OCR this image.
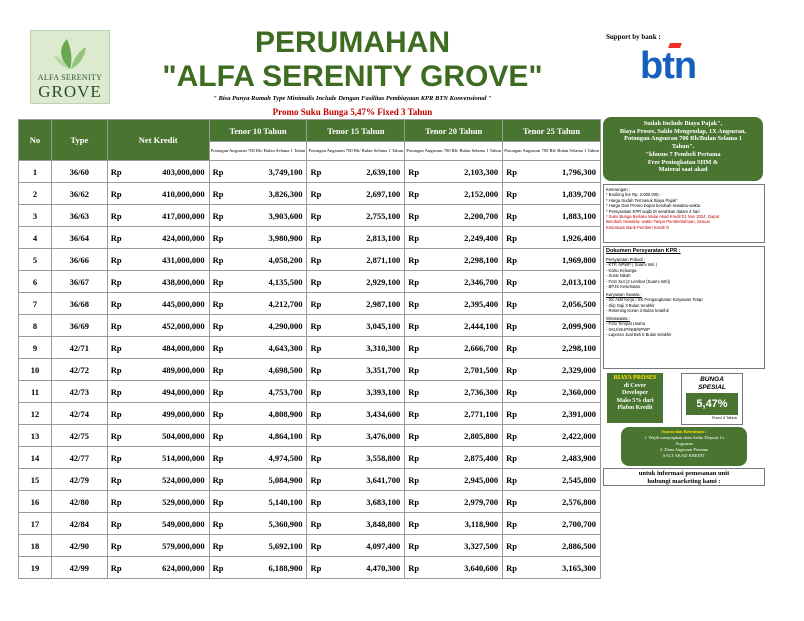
ALFA SERENITY
GROVE
PERUMAHAN
"ALFA SERENITY GROVE"
" Bisa Punya Rumah Type Minimalis Include Dengan Fasilitas Pembiayaan KPR BTN Konvensional "
Promo Suku Bunga 5,47% Fixed 3 Tahun
Support by bank :
btn
No	Type	Net Kredit		Tenor 10 Tahun		Tenor 15 Tahun		Tenor 20 Tahun		Tenor 25 Tahun	
				Potongan Angsuran 700 Rb/ Bulan Selama 1 Tahun		Potongan Angsuran 700 Rb/ Bulan Selama 1 Tahun		Potongan Angsuran 700 Rb/ Bulan Selama 1 Tahun		Potongan Angsuran 700 Rb/ Bulan Selama 1 Tahun	
1	36/60	Rp	403,000,000	Rp	3,749,100	Rp	2,639,100	Rp	2,103,300	Rp	1,796,300
2	36/62	Rp	410,000,000	Rp	3,826,300	Rp	2,697,100	Rp	2,152,000	Rp	1,839,700
3	36/63	Rp	417,000,000	Rp	3,903,600	Rp	2,755,100	Rp	2,200,700	Rp	1,883,100
4	36/64	Rp	424,000,000	Rp	3,980,900	Rp	2,813,100	Rp	2,249,400	Rp	1,926,400
5	36/66	Rp	431,000,000	Rp	4,058,200	Rp	2,871,100	Rp	2,298,100	Rp	1,969,800
6	36/67	Rp	438,000,000	Rp	4,135,500	Rp	2,929,100	Rp	2,346,700	Rp	2,013,100
7	36/68	Rp	445,000,000	Rp	4,212,700	Rp	2,987,100	Rp	2,395,400	Rp	2,056,500
8	36/69	Rp	452,000,000	Rp	4,290,000	Rp	3,045,100	Rp	2,444,100	Rp	2,099,900
9	42/71	Rp	484,000,000	Rp	4,643,300	Rp	3,310,300	Rp	2,666,700	Rp	2,298,100
10	42/72	Rp	489,000,000	Rp	4,698,500	Rp	3,351,700	Rp	2,701,500	Rp	2,329,000
11	42/73	Rp	494,000,000	Rp	4,753,700	Rp	3,393,100	Rp	2,736,300	Rp	2,360,000
12	42/74	Rp	499,000,000	Rp	4,808,900	Rp	3,434,600	Rp	2,771,100	Rp	2,391,000
13	42/75	Rp	504,000,000	Rp	4,864,100	Rp	3,476,000	Rp	2,805,800	Rp	2,422,000
14	42/77	Rp	514,000,000	Rp	4,974,500	Rp	3,558,800	Rp	2,875,400	Rp	2,483,900
15	42/79	Rp	524,000,000	Rp	5,084,900	Rp	3,641,700	Rp	2,945,000	Rp	2,545,800
16	42/80	Rp	529,000,000	Rp	5,140,100	Rp	3,683,100	Rp	2,979,700	Rp	2,576,800
17	42/84	Rp	549,000,000	Rp	5,360,900	Rp	3,848,800	Rp	3,118,900	Rp	2,700,700
18	42/90	Rp	579,000,000	Rp	5,692,100	Rp	4,097,400	Rp	3,327,500	Rp	2,886,500
19	42/99	Rp	624,000,000	Rp	6,188,900	Rp	4,470,300	Rp	3,640,600	Rp	3,165,300
Sudah Include Biaya Pajak",
Biaya Proses, Saldo Mengendap, 1X Angsuran,
Potongan Angsuran 700 Rb/Bulan Selama 1
Tahun".
"khusus 7 Pembeli Pertama
Free Peningkatan SHM &
Materai saat akad
Keterangan :
* Booking fee Rp. 2.000.000,-
* Harga Sudah Termasuk Biaya Pajak"
* Harga Dan Promo Dapat berubah sewaktu-waktu
* Persyaratan KPR wajib Di serahkan dalam 4 hari
* Suku Bunga Berlaku Mulai Akad Kredit 01 Nov 2024, Dapat
Berubah Sewaktu- waktu Tanpa Pemberitahuan, Sesuai
Ketentuan Bank Pemberi Kredit !!!
Dokumen Persyaratan KPR :
Persyaratan Pribadi :
- KTP, NPWP ( Suami Istri )
- Kartu Keluarga
- Surat Nikah
- Foto 3x4 (2 Lembar (Suami Istri))
- BPJS Kesehatan
Karyawan Swasta :
- SK Aktif Kerja / SK Pengangkatan Karyawan Tetap
- Slip Gaji 3 Bulan terakhir
- Rekening Koran 3 Bulan terakhir
Wiraswasta :
- Foto Tempat Usaha
- SKU/SIUP/NIB/NPWP
- Laporan Jual Beli 6 Bulan terakhir
BIAYA PROSES
di Cover
Developer
Maks 5% dari
Plafon Kredit
BUNGA
SPESIAL
5,47%
Fixed 3 Tahun
Syarat dan Ketentuan :
1. Wajib menyiapkan dana Saldo Deposit 1x
Angsuran
2. Dana Angsuran Pertama
SALT AKAD KREDIT
untuk informasi pemesanan unit
hubungi marketing kami :
